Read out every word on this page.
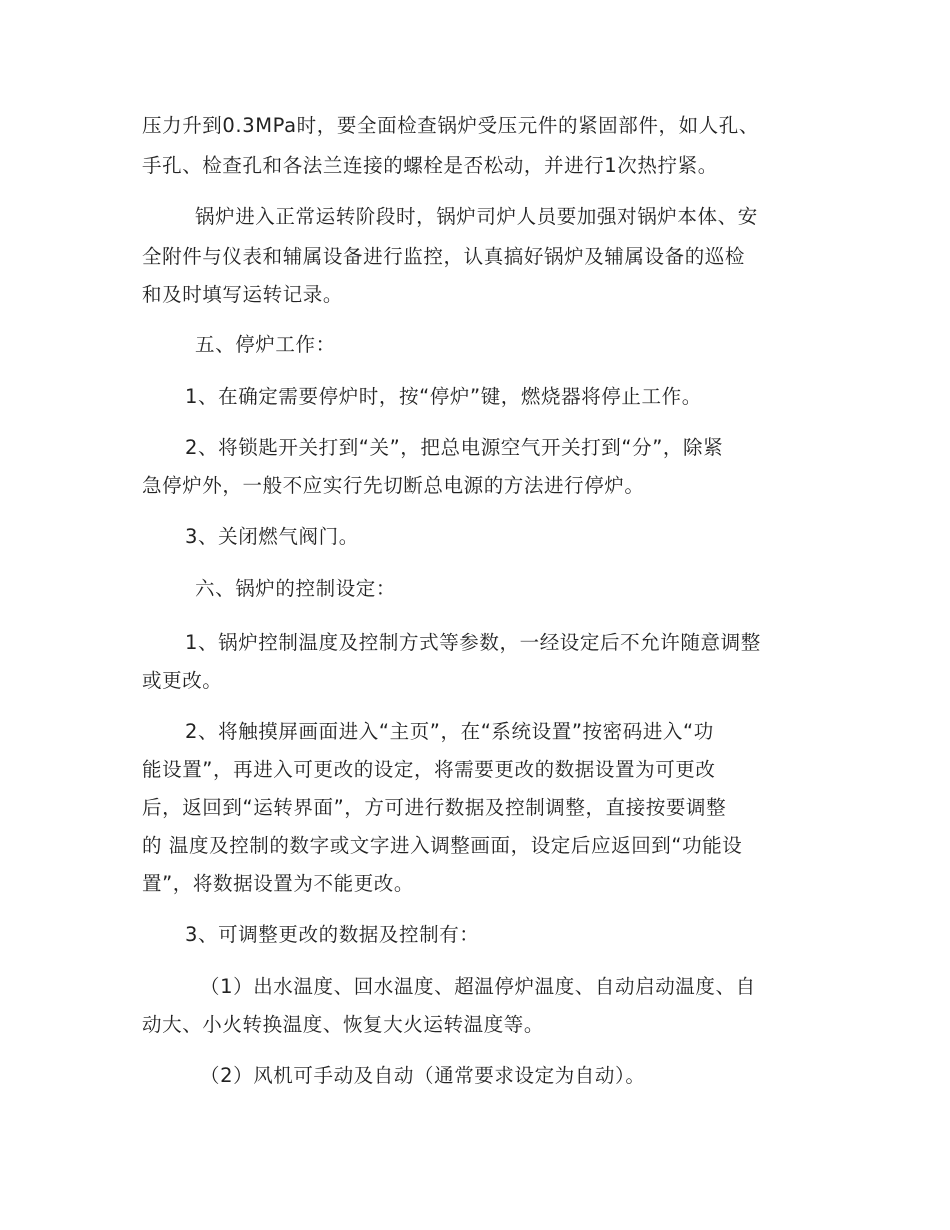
压力升到0.3MPa时，要全面检查锅炉受压元件的紧固部件，如人孔、
手孔、检查孔和各法兰连接的螺栓是否松动，并进行1次热拧紧。
锅炉进入正常运转阶段时，锅炉司炉人员要加强对锅炉本体、安
全附件与仪表和辅属设备进行监控，认真搞好锅炉及辅属设备的巡检
和及时填写运转记录。
五、停炉工作：
1、在确定需要停炉时，按“停炉”键，燃烧器将停止工作。
2、将锁匙开关打到“关”，把总电源空气开关打到“分”，除紧
急停炉外，一般不应实行先切断总电源的方法进行停炉。
3、关闭燃气阀门。
六、锅炉的控制设定：
1、锅炉控制温度及控制方式等参数，一经设定后不允许随意调整
或更改。
2、将触摸屏画面进入“主页”，在“系统设置”按密码进入“功
能设置”，再进入可更改的设定，将需要更改的数据设置为可更改
后，返回到“运转界面”，方可进行数据及控制调整，直接按要调整
的 温度及控制的数字或文字进入调整画面，设定后应返回到“功能设
置”，将数据设置为不能更改。
3、可调整更改的数据及控制有：
（1）出水温度、回水温度、超温停炉温度、自动启动温度、自
动大、小火转换温度、恢复大火运转温度等。
（2）风机可手动及自动（通常要求设定为自动）。
